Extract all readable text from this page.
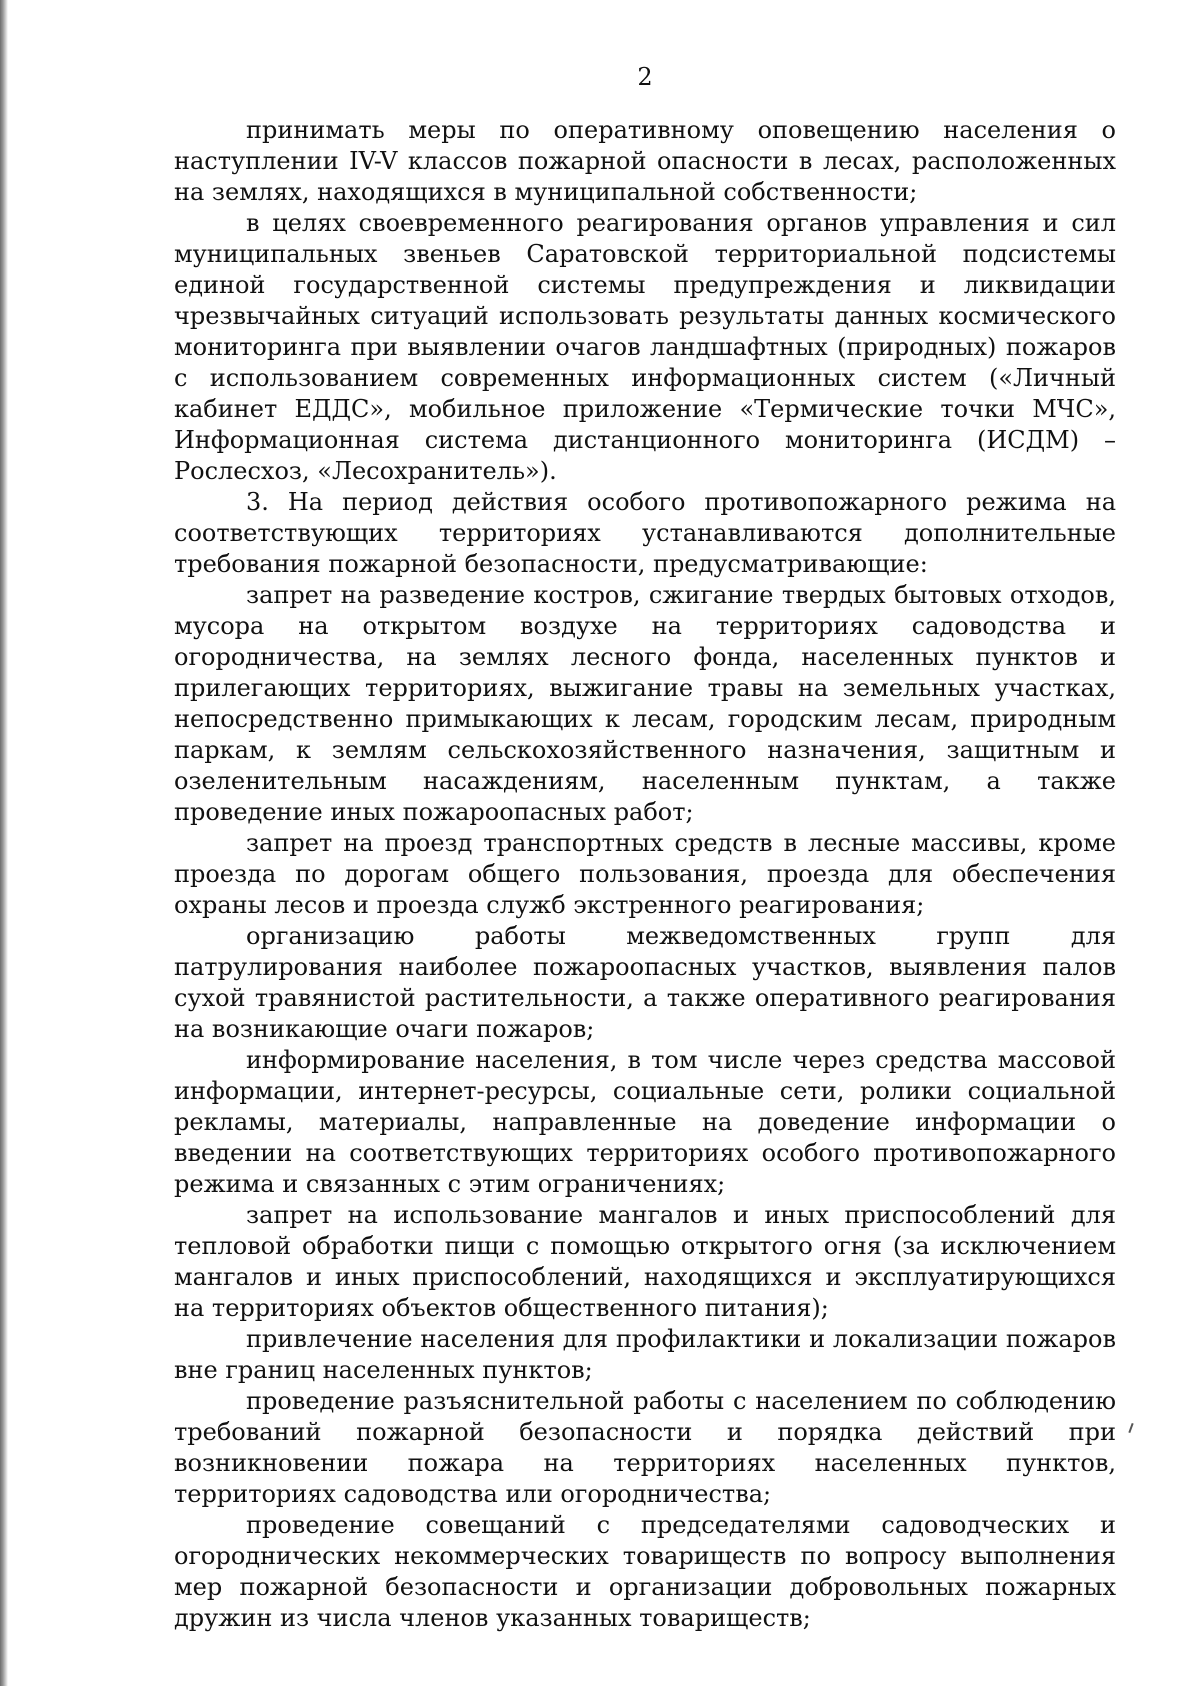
2

принимать меры по оперативному оповещению населения о наступлении IV-V классов пожарной опасности в лесах, расположенных на землях, находящихся в муниципальной собственности;

в целях своевременного реагирования органов управления и сил муниципальных звеньев Саратовской территориальной подсистемы единой государственной системы предупреждения и ликвидации чрезвычайных ситуаций использовать результаты данных космического мониторинга при выявлении очагов ландшафтных (природных) пожаров с использованием современных информационных систем («Личный кабинет ЕДДС», мобильное приложение «Термические точки МЧС», Информационная система дистанционного мониторинга (ИСДМ) – Рослесхоз, «Лесохранитель»).

3. На период действия особого противопожарного режима на соответствующих территориях устанавливаются дополнительные требования пожарной безопасности, предусматривающие:

запрет на разведение костров, сжигание твердых бытовых отходов, мусора на открытом воздухе на территориях садоводства и огородничества, на землях лесного фонда, населенных пунктов и прилегающих территориях, выжигание травы на земельных участках, непосредственно примыкающих к лесам, городским лесам, природным паркам, к землям сельскохозяйственного назначения, защитным и озеленительным насаждениям, населенным пунктам, а также проведение иных пожароопасных работ;

запрет на проезд транспортных средств в лесные массивы, кроме проезда по дорогам общего пользования, проезда для обеспечения охраны лесов и проезда служб экстренного реагирования;

организацию работы межведомственных групп для патрулирования наиболее пожароопасных участков, выявления палов сухой травянистой растительности, а также оперативного реагирования на возникающие очаги пожаров;

информирование населения, в том числе через средства массовой информации, интернет-ресурсы, социальные сети, ролики социальной рекламы, материалы, направленные на доведение информации о введении на соответствующих территориях особого противопожарного режима и связанных с этим ограничениях;

запрет на использование мангалов и иных приспособлений для тепловой обработки пищи с помощью открытого огня (за исключением мангалов и иных приспособлений, находящихся и эксплуатирующихся на территориях объектов общественного питания);

привлечение населения для профилактики и локализации пожаров вне границ населенных пунктов;

проведение разъяснительной работы с населением по соблюдению требований пожарной безопасности и порядка действий при возникновении пожара на территориях населенных пунктов, территориях садоводства или огородничества;

проведение совещаний с председателями садоводческих и огороднических некоммерческих товариществ по вопросу выполнения мер пожарной безопасности и организации добровольных пожарных дружин из числа членов указанных товариществ;
